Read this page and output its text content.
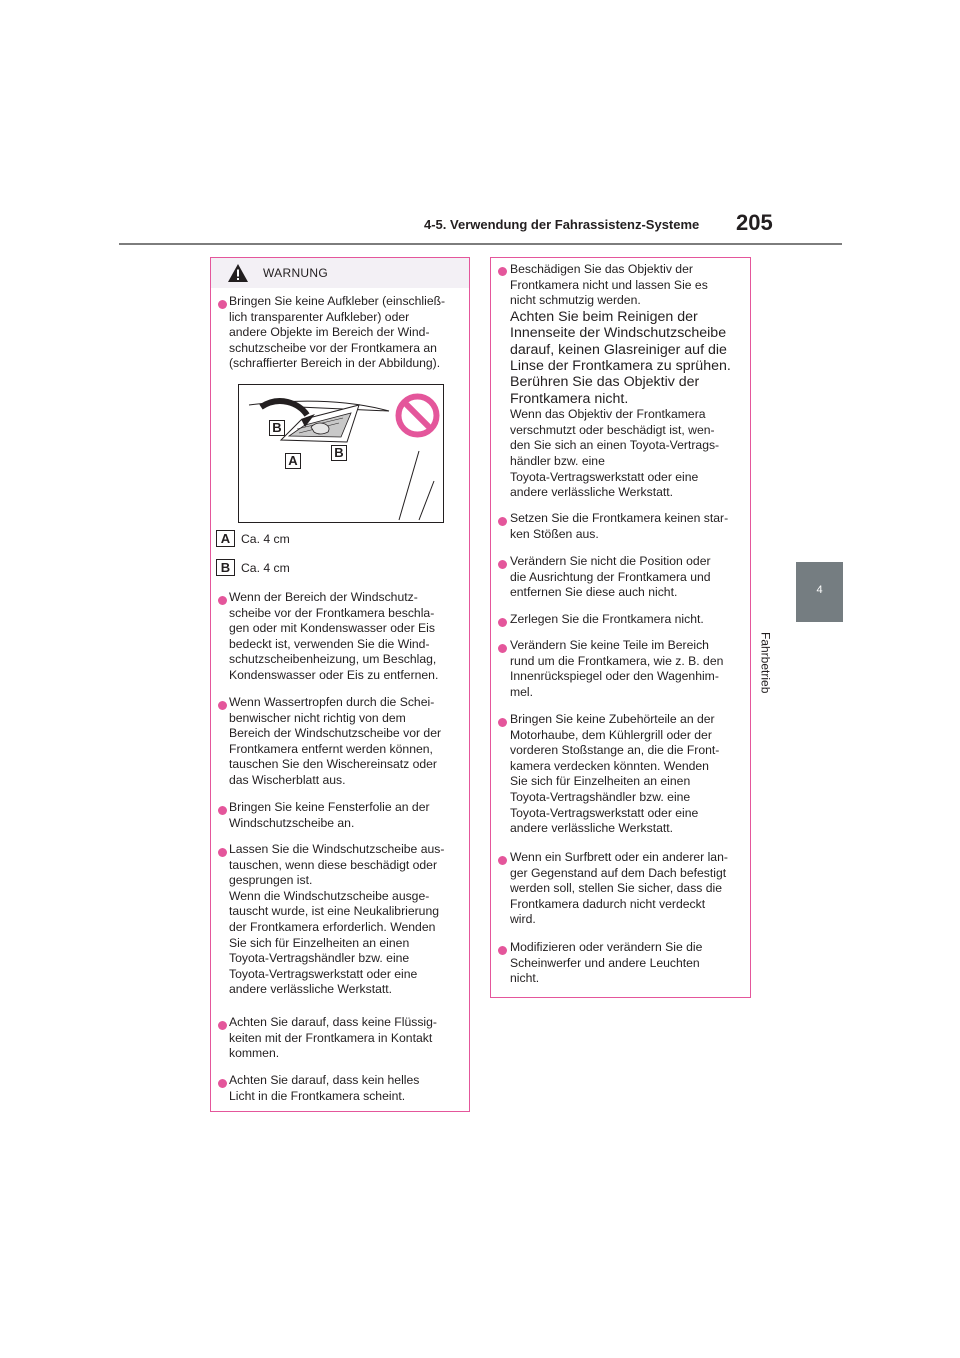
4-5. Verwendung der Fahrassistenz-Systeme 205
4
Fahrbetrieb
WARNUNG
Bringen Sie keine Aufkleber (einschließ-
lich transparenter Aufkleber) oder
andere Objekte im Bereich der Wind-
schutzscheibe vor der Frontkamera an
(schraffierter Bereich in der Abbildung).
B
A
B
A Ca. 4 cm
B Ca. 4 cm
Wenn der Bereich der Windschutz-
scheibe vor der Frontkamera beschla-
gen oder mit Kondenswasser oder Eis
bedeckt ist, verwenden Sie die Wind-
schutzscheibenheizung, um Beschlag,
Kondenswasser oder Eis zu entfernen.
Wenn Wassertropfen durch die Schei-
benwischer nicht richtig von dem
Bereich der Windschutzscheibe vor der
Frontkamera entfernt werden können,
tauschen Sie den Wischereinsatz oder
das Wischerblatt aus.
Bringen Sie keine Fensterfolie an der
Windschutzscheibe an.
Lassen Sie die Windschutzscheibe aus-
tauschen, wenn diese beschädigt oder
gesprungen ist.
Wenn die Windschutzscheibe ausge-
tauscht wurde, ist eine Neukalibrierung
der Frontkamera erforderlich. Wenden
Sie sich für Einzelheiten an einen
Toyota-Vertragshändler bzw. eine
Toyota-Vertragswerkstatt oder eine
andere verlässliche Werkstatt.
Achten Sie darauf, dass keine Flüssig-
keiten mit der Frontkamera in Kontakt
kommen.
Achten Sie darauf, dass kein helles
Licht in die Frontkamera scheint.
Beschädigen Sie das Objektiv der
Frontkamera nicht und lassen Sie es
nicht schmutzig werden.
Achten Sie beim Reinigen der
Innenseite der Windschutzscheibe
darauf, keinen Glasreiniger auf die
Linse der Frontkamera zu sprühen.
Berühren Sie das Objektiv der
Frontkamera nicht.
Wenn das Objektiv der Frontkamera
verschmutzt oder beschädigt ist, wen-
den Sie sich an einen Toyota-Vertrags-
händler bzw. eine
Toyota-Vertragswerkstatt oder eine
andere verlässliche Werkstatt.
Setzen Sie die Frontkamera keinen star-
ken Stößen aus.
Verändern Sie nicht die Position oder
die Ausrichtung der Frontkamera und
entfernen Sie diese auch nicht.
Zerlegen Sie die Frontkamera nicht.
Verändern Sie keine Teile im Bereich
rund um die Frontkamera, wie z. B. den
Innenrückspiegel oder den Wagenhim-
mel.
Bringen Sie keine Zubehörteile an der
Motorhaube, dem Kühlergrill oder der
vorderen Stoßstange an, die die Front-
kamera verdecken könnten. Wenden
Sie sich für Einzelheiten an einen
Toyota-Vertragshändler bzw. eine
Toyota-Vertragswerkstatt oder eine
andere verlässliche Werkstatt.
Wenn ein Surfbrett oder ein anderer lan-
ger Gegenstand auf dem Dach befestigt
werden soll, stellen Sie sicher, dass die
Frontkamera dadurch nicht verdeckt
wird.
Modifizieren oder verändern Sie die
Scheinwerfer und andere Leuchten
nicht.
